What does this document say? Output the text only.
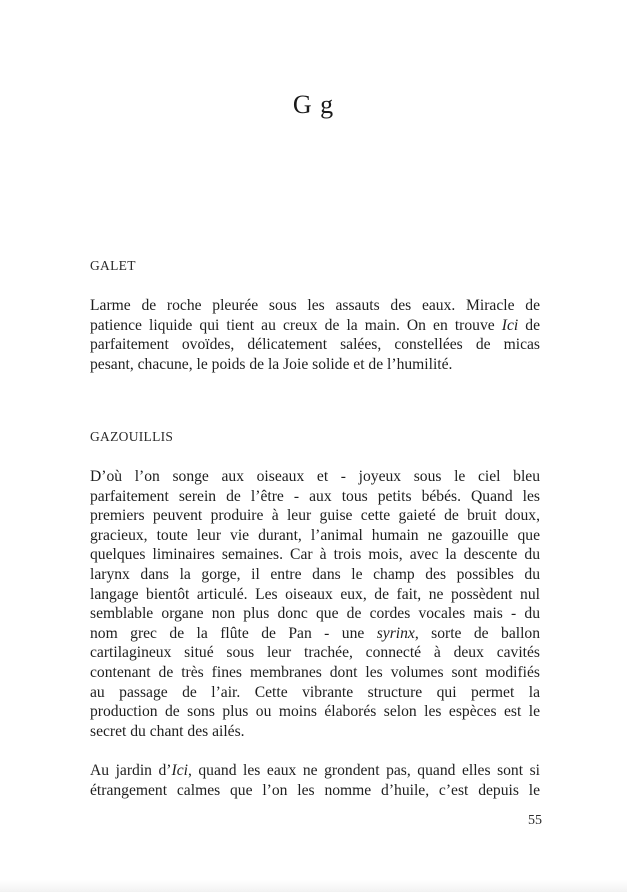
G g
GALET
Larme de roche pleurée sous les assauts des eaux. Miracle de
patience liquide qui tient au creux de la main. On en trouve Ici de
parfaitement ovoïdes, délicatement salées, constellées de micas
pesant, chacune, le poids de la Joie solide et de l’humilité.
GAZOUILLIS
D’où l’on songe aux oiseaux et - joyeux sous le ciel bleu
parfaitement serein de l’être - aux tous petits bébés. Quand les
premiers peuvent produire à leur guise cette gaieté de bruit doux,
gracieux, toute leur vie durant, l’animal humain ne gazouille que
quelques liminaires semaines. Car à trois mois, avec la descente du
larynx dans la gorge, il entre dans le champ des possibles du
langage bientôt articulé. Les oiseaux eux, de fait, ne possèdent nul
semblable organe non plus donc que de cordes vocales mais - du
nom grec de la flûte de Pan - une syrinx, sorte de ballon
cartilagineux situé sous leur trachée, connecté à deux cavités
contenant de très fines membranes dont les volumes sont modifiés
au passage de l’air. Cette vibrante structure qui permet la
production de sons plus ou moins élaborés selon les espèces est le
secret du chant des ailés.
Au jardin d’Ici, quand les eaux ne grondent pas, quand elles sont si
étrangement calmes que l’on les nomme d’huile, c’est depuis le
55
